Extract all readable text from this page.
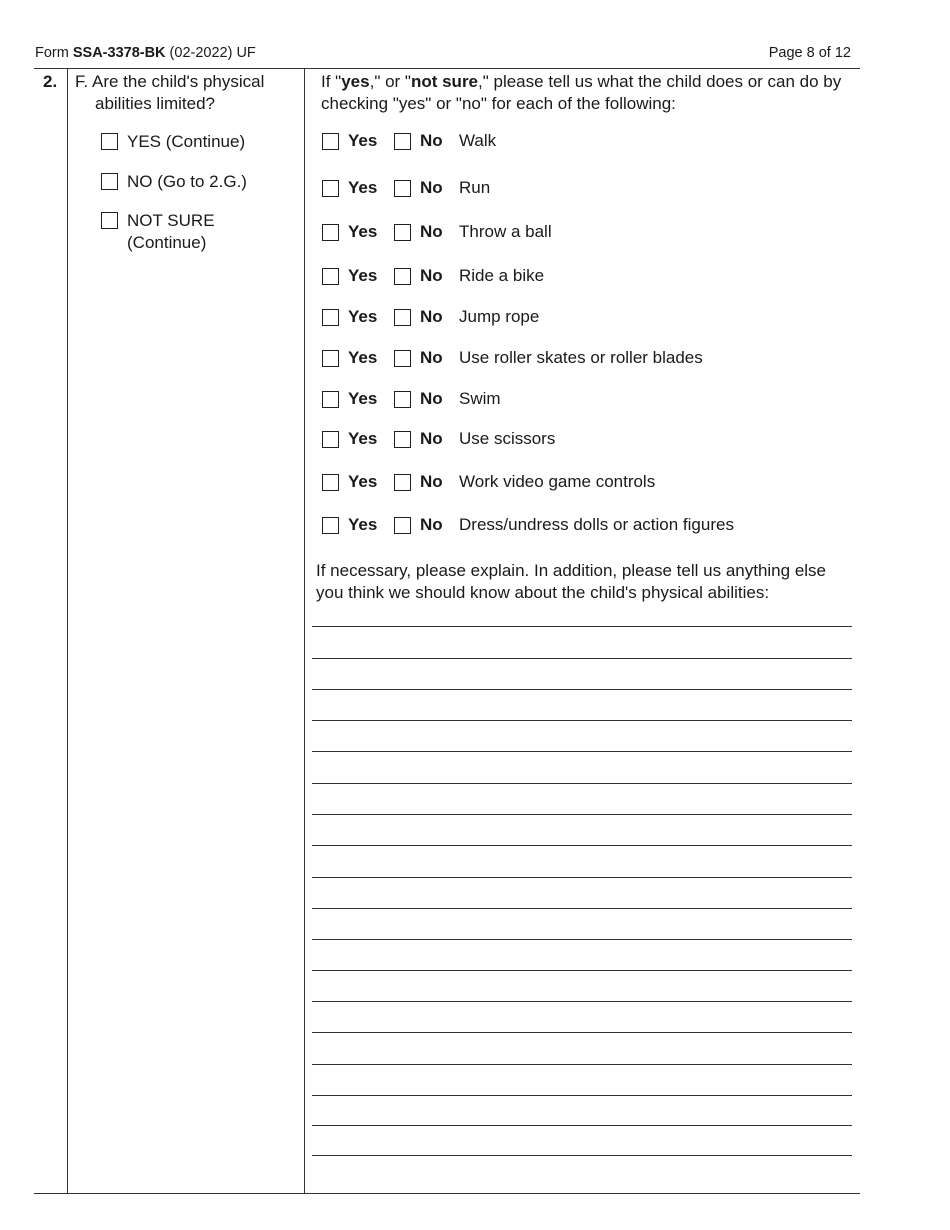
Form SSA-3378-BK (02-2022) UF	Page 8 of 12
2. F. Are the child's physical
abilities limited?
YES (Continue)
NO (Go to 2.G.)
NOT SURE
(Continue)
If "yes," or "not sure," please tell us what the child does or can do by checking "yes" or "no" for each of the following:
Yes	No Walk
Yes	No Run
Yes	No Throw a ball
Yes	No Ride a bike
Yes	No Jump rope
Yes	No Use roller skates or roller blades
Yes	No Swim
Yes	No Use scissors
Yes	No Work video game controls
Yes	No Dress/undress dolls or action figures
If necessary, please explain. In addition, please tell us anything else you think we should know about the child's physical abilities:
